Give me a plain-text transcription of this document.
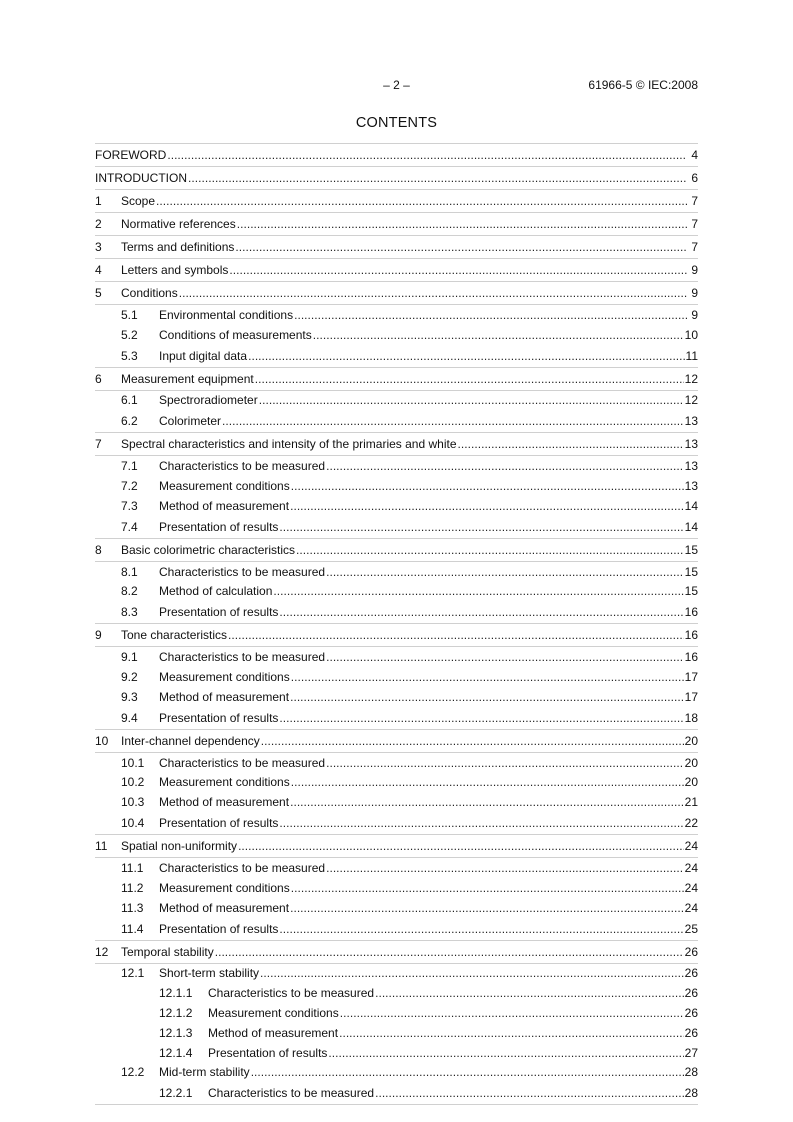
– 2 –	61966-5 © IEC:2008
CONTENTS
FOREWORD . . .	4
INTRODUCTION . . .	6
1	Scope . . .	7
2	Normative references . . .	7
3	Terms and definitions . . .	7
4	Letters and symbols . . .	9
5	Conditions . . .	9
5.1	Environmental conditions . . .	9
5.2	Conditions of measurements . . .	10
5.3	Input digital data . . .	11
6	Measurement equipment . . .	12
6.1	Spectroradiometer . . .	12
6.2	Colorimeter . . .	13
7	Spectral characteristics and intensity of the primaries and white . . .	13
7.1	Characteristics to be measured . . .	13
7.2	Measurement conditions . . .	13
7.3	Method of measurement . . .	14
7.4	Presentation of results . . .	14
8	Basic colorimetric characteristics . . .	15
8.1	Characteristics to be measured . . .	15
8.2	Method of calculation . . .	15
8.3	Presentation of results . . .	16
9	Tone characteristics . . .	16
9.1	Characteristics to be measured . . .	16
9.2	Measurement conditions . . .	17
9.3	Method of measurement . . .	17
9.4	Presentation of results . . .	18
10	Inter-channel dependency . . .	20
10.1	Characteristics to be measured . . .	20
10.2	Measurement conditions . . .	20
10.3	Method of measurement . . .	21
10.4	Presentation of results . . .	22
11	Spatial non-uniformity . . .	24
11.1	Characteristics to be measured . . .	24
11.2	Measurement conditions . . .	24
11.3	Method of measurement . . .	24
11.4	Presentation of results . . .	25
12	Temporal stability . . .	26
12.1	Short-term stability . . .	26
12.1.1	Characteristics to be measured . . .	26
12.1.2	Measurement conditions . . .	26
12.1.3	Method of measurement . . .	26
12.1.4	Presentation of results . . .	27
12.2	Mid-term stability . . .	28
12.2.1	Characteristics to be measured . . .	28
